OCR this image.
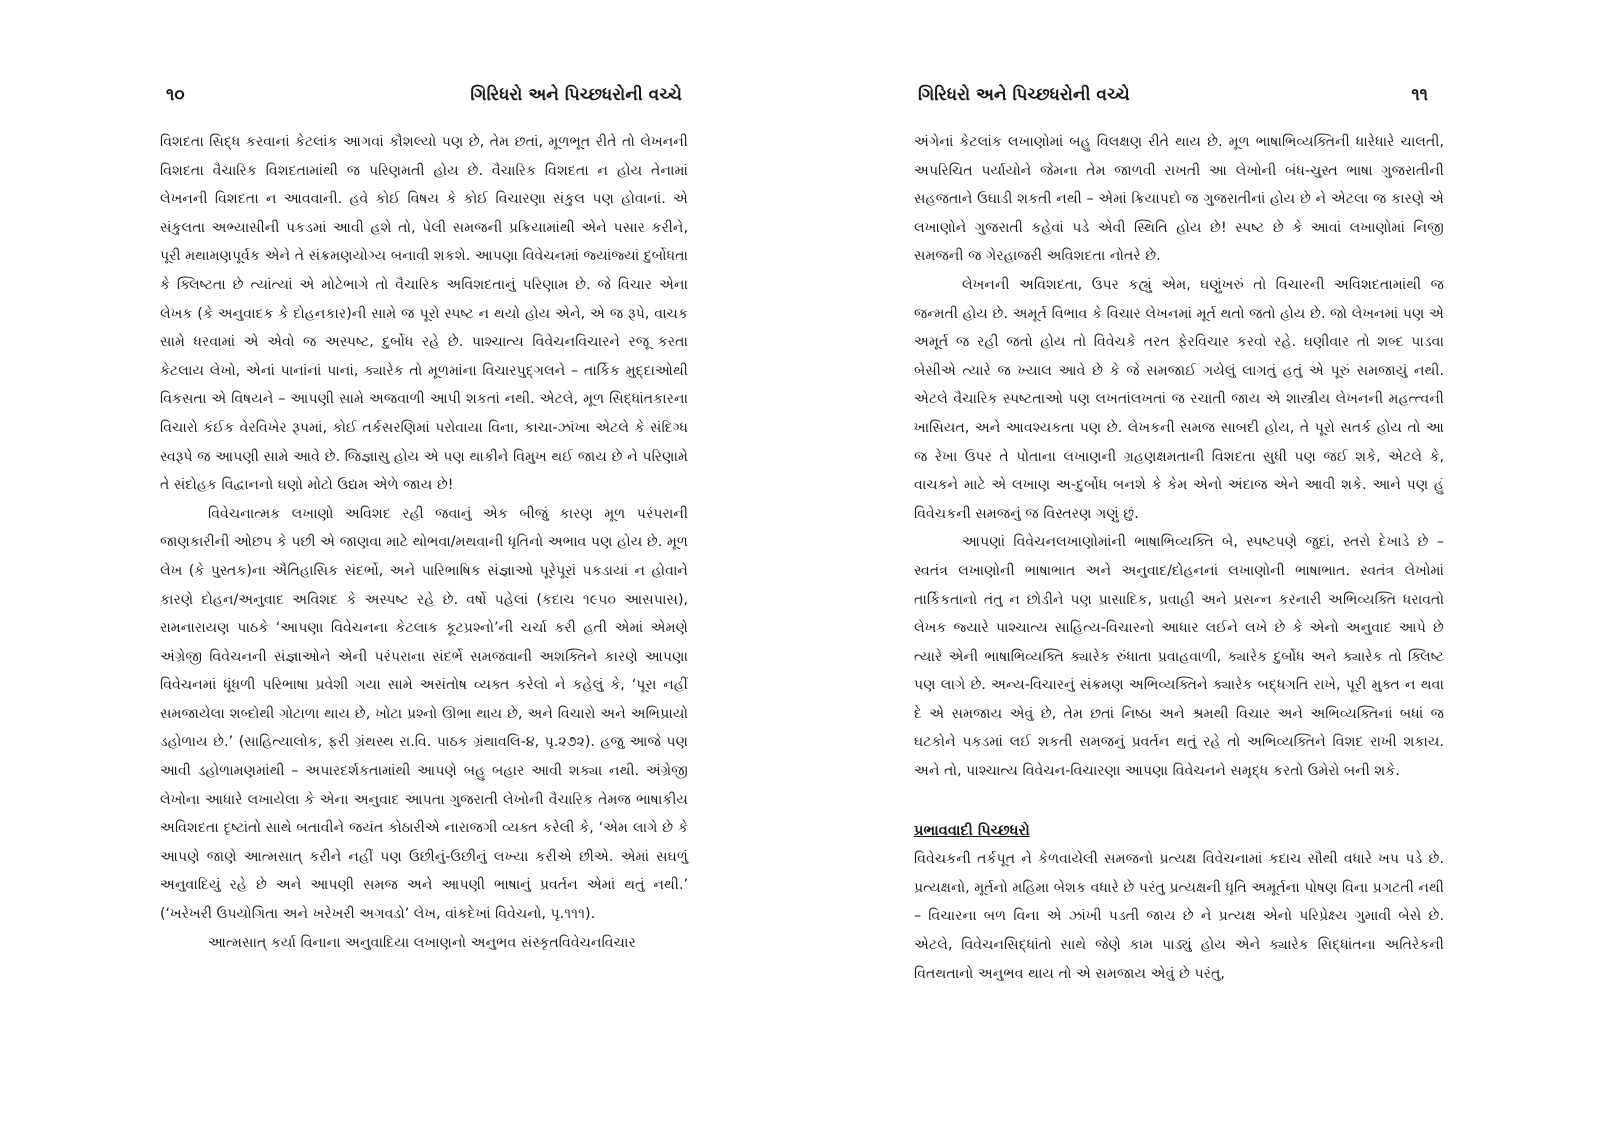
૧૦	ગિરિધરો અને પિચ્છધરોની વચ્ચે

વિશદતા સિદ્ધ કરવાનાં કેટલાંક આગવાં કૌશલ્યો પણ છે, તેમ છતાં, મૂળભૂત રીતે તો લેખનની વિશદતા વૈચારિક વિશદતામાંથી જ પરિણમતી હોય છે. વૈચારિક વિશદતા ન હોય તેનામાં લેખનની વિશદતા ન આવવાની. હવે કોઈ વિષય કે કોઈ વિચારણા સંકુલ પણ હોવાનાં. એ સંકુલતા અભ્યાસીની પકડમાં આવી હશે તો, પેલી સમજની પ્રક્રિયામાંથી એને પસાર કરીને, પૂરી મથામણપૂર્વક એને તે સંક્રમણયોગ્ય બનાવી શકશે. આપણા વિવેચનમાં જ્યાંજ્યાં દુર્બોધતા કે ક્લિષ્ટતા છે ત્યાંત્યાં એ મોટેભાગે તો વૈચારિક અવિશદતાનું પરિણામ છે. જે વિચાર એના લેખક (કે અનુવાદક કે દોહનકાર)ની સામે જ પૂરો સ્પષ્ટ ન થયો હોય એને, એ જ રૂપે, વાચક સામે ધરવામાં એ એવો જ અસ્પષ્ટ, દુર્બોધ રહે છે. પાશ્ચાત્ય વિવેચનવિચારને રજૂ કરતા કેટલાય લેખો, એનાં પાનાંનાં પાનાં, ક્યારેક તો મૂળમાંના વિચારપુદ્ગલને – તાર્કિક મુદ્દાઓથી વિકસતા એ વિષયને – આપણી સામે અજવાળી આપી શકતાં નથી. એટલે, મૂળ સિદ્ધાંતકારના વિચારો કંઈક વેરવિખેર રૂપમાં, કોઈ તર્કસરણિમાં પરોવાયા વિના, કાચા-ઝાંખા એટલે કે સંદિગ્ધ સ્વરૂપે જ આપણી સામે આવે છે. જિજ્ઞાસુ હોય એ પણ થાકીને વિમુખ થઈ જાય છે ને પરિણામે તે સંદોહક વિદ્વાનનો ઘણો મોટો ઉદ્યમ એળે જાય છે!

વિવેચનાત્મક લખાણો અવિશદ રહી જવાનું એક બીજું કારણ મૂળ પરંપરાની જાણકારીની ઓછપ કે પછી એ જાણવા માટે થોભવા/મથવાની ધૃતિનો અભાવ પણ હોય છે. મૂળ લેખ (કે પુસ્તક)ના ઐતિહાસિક સંદર્ભો, અને પારિભાષિક સંજ્ઞાઓ પૂરેપૂરાં પકડાયાં ન હોવાને કારણે દોહન/અનુવાદ અવિશદ કે અસ્પષ્ટ રહે છે. વર્ષો પહેલાં (કદાચ ૧૯૫૦ આસપાસ), રામનારાયણ પાઠકે ‘આપણા વિવેચનના કેટલાક કૂટપ્રશ્નો’ની ચર્ચા કરી હતી એમાં એમણે અંગ્રેજી વિવેચનની સંજ્ઞાઓને એની પરંપરાના સંદર્ભે સમજવાની અશક્તિને કારણે આપણા વિવેચનમાં ધૂંધળી પરિભાષા પ્રવેશી ગયા સામે અસંતોષ વ્યક્ત કરેલો ને કહેલું કે, ‘પૂરા નહીં સમજાયેલા શબ્દોથી ગોટાળા થાય છે, ખોટા પ્રશ્નો ઊભા થાય છે, અને વિચારો અને અભિપ્રાયો ડહોળાય છે.’ (સાહિત્યાલોક, ફરી ગ્રંથસ્થ રા.વિ. પાઠક ગ્રંથાવલિ-૪, પૃ.૨૭૨). હજુ આજે પણ આવી ડહોળામણમાંથી – અપારદર્શકતામાંથી આપણે બહુ બહાર આવી શક્યા નથી. અંગ્રેજી લેખોના આધારે લખાયેલા કે એના અનુવાદ આપતા ગુજરાતી લેખોની વૈચારિક તેમજ ભાષાકીય અવિશદતા દૃષ્ટાંતો સાથે બતાવીને જયંત કોઠારીએ નારાજગી વ્યક્ત કરેલી કે, ‘એમ લાગે છે કે આપણે જાણે આત્મસાત્ કરીને નહીં પણ ઉછીનું-ઉછીનું લખ્યા કરીએ છીએ. એમાં સઘળું અનુવાદિયું રહે છે અને આપણી સમજ અને આપણી ભાષાનું પ્રવર્તન એમાં થતું નથી.’ (‘ખરેખરી ઉપયોગિતા અને ખરેખરી અગવડો’ લેખ, વાંકદેખાં વિવેચનો, પૃ.૧૧૧).

આત્મસાત્ કર્યા વિનાના અનુવાદિયા લખાણનો અનુભવ સંસ્કૃતવિવેચનવિચાર

ગિરિધરો અને પિચ્છધરોની વચ્ચે	૧૧

અંગેનાં કેટલાંક લખાણોમાં બહુ વિલક્ષણ રીતે થાય છે. મૂળ ભાષાભિવ્યક્તિની ધારેધારે ચાલતી, અપરિચિત પર્યાયોને જેમના તેમ જાળવી રાખતી આ લેખોની બંધ-ચુસ્ત ભાષા ગુજરાતીની સહજતાને ઉઘાડી શકતી નથી – એમાં ક્રિયાપદો જ ગુજરાતીનાં હોય છે ને એટલા જ કારણે એ લખાણોને ગુજરાતી કહેવાં પડે એવી સ્થિતિ હોય છે! સ્પષ્ટ છે કે આવાં લખાણોમાં નિજી સમજની જ ગેરહાજરી અવિશદતા નોતરે છે.

લેખનની અવિશદતા, ઉપર કહ્યું એમ, ઘણુંખરું તો વિચારની અવિશદતામાંથી જ જન્મતી હોય છે. અમૂર્ત વિભાવ કે વિચાર લેખનમાં મૂર્ત થતો જતો હોય છે. જો લેખનમાં પણ એ અમૂર્ત જ રહી જતો હોય તો વિવેચકે તરત ફેરવિચાર કરવો રહે. ઘણીવાર તો શબ્દ પાડવા બેસીએ ત્યારે જ ખ્યાલ આવે છે કે જે સમજાઈ ગયેલું લાગતું હતું એ પૂરું સમજાયું નથી. એટલે વૈચારિક સ્પષ્ટતાઓ પણ લખતાંલખતાં જ રચાતી જાય એ શાસ્ત્રીય લેખનની મહત્ત્વની ખાસિયત, અને આવશ્યકતા પણ છે. લેખકની સમજ સાબદી હોય, તે પૂરો સતર્ક હોય તો આ જ રેખા ઉપર તે પોતાના લખાણની ગ્રહણક્ષમતાની વિશદતા સુધી પણ જઈ શકે, એટલે કે, વાચકને માટે એ લખાણ અ-દુર્બોધ બનશે કે કેમ એનો અંદાજ એને આવી શકે. આને પણ હું વિવેચકની સમજનું જ વિસ્તરણ ગણું છું.

આપણાં વિવેચનલખાણોમાંની ભાષાભિવ્યક્તિ બે, સ્પષ્ટપણે જુદાં, સ્તરો દેખાડે છે – સ્વતંત્ર લખાણોની ભાષાભાત અને અનુવાદ/દોહનનાં લખાણોની ભાષાભાત. સ્વતંત્ર લેખોમાં તાર્કિકતાનો તંતુ ન છોડીને પણ પ્રાસાદિક, પ્રવાહી અને પ્રસન્ન કરનારી અભિવ્યક્તિ ધરાવતો લેખક જ્યારે પાશ્ચાત્ય સાહિત્ય-વિચારનો આધાર લઈને લખે છે કે એનો અનુવાદ આપે છે ત્યારે એની ભાષાભિવ્યક્તિ ક્યારેક રુંધાતા પ્રવાહવાળી, ક્યારેક દુર્બોધ અને ક્યારેક તો ક્લિષ્ટ પણ લાગે છે. અન્ય-વિચારનું સંક્રમણ અભિવ્યક્તિને ક્યારેક બદ્ધગતિ રાખે, પૂરી મુક્ત ન થવા દે એ સમજાય એવું છે, તેમ છતાં નિષ્ઠા અને શ્રમથી વિચાર અને અભિવ્યક્તિનાં બધાં જ ઘટકોને પકડમાં લઈ શકતી સમજનું પ્રવર્તન થતું રહે તો અભિવ્યક્તિને વિશદ રાખી શકાય. અને તો, પાશ્ચાત્ય વિવેચન-વિચારણા આપણા વિવેચનને સમૃદ્ધ કરતો ઉમેરો બની શકે.

પ્રભાવવાદી પિચ્છધરો

વિવેચકની તર્કપૂત ને કેળવાયેલી સમજનો પ્રત્યક્ષ વિવેચનામાં કદાચ સૌથી વધારે ખપ પડે છે. પ્રત્યક્ષનો, મૂર્તનો મહિમા બેશક વધારે છે પરંતુ પ્રત્યક્ષની ધૃતિ અમૂર્તના પોષણ વિના પ્રગટતી નથી – વિચારના બળ વિના એ ઝાંખી પડતી જાય છે ને પ્રત્યક્ષ એનો પરિપ્રેક્ષ્ય ગુમાવી બેસે છે. એટલે, વિવેચનસિદ્ધાંતો સાથે જેણે કામ પાડ્યું હોય એને ક્યારેક સિદ્ધાંતના અતિરેકની વિતથતાનો અનુભવ થાય તો એ સમજાય એવું છે પરંતુ,
